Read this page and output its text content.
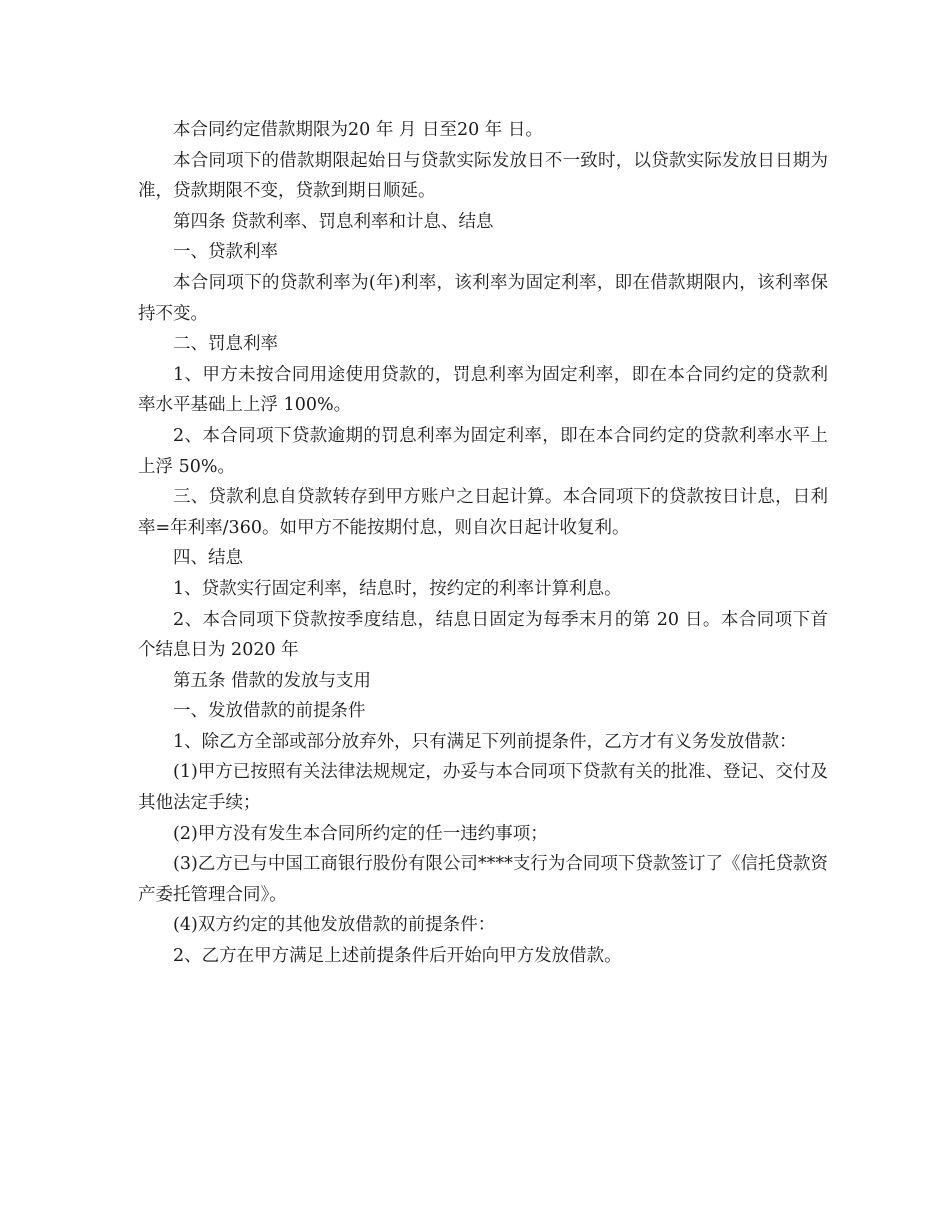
本合同约定借款期限为20 年 月 日至20 年 日。

本合同项下的借款期限起始日与贷款实际发放日不一致时，以贷款实际发放日日期为准，贷款期限不变，贷款到期日顺延。

第四条 贷款利率、罚息利率和计息、结息

一、贷款利率

本合同项下的贷款利率为(年)利率，该利率为固定利率，即在借款期限内，该利率保持不变。

二、罚息利率

1、甲方未按合同用途使用贷款的，罚息利率为固定利率，即在本合同约定的贷款利率水平基础上上浮 100%。

2、本合同项下贷款逾期的罚息利率为固定利率，即在本合同约定的贷款利率水平上上浮 50%。

三、贷款利息自贷款转存到甲方账户之日起计算。本合同项下的贷款按日计息，日利率=年利率/360。如甲方不能按期付息，则自次日起计收复利。

四、结息

1、贷款实行固定利率，结息时，按约定的利率计算利息。

2、本合同项下贷款按季度结息，结息日固定为每季末月的第 20 日。本合同项下首个结息日为 2020 年

第五条 借款的发放与支用

一、发放借款的前提条件

1、除乙方全部或部分放弃外，只有满足下列前提条件，乙方才有义务发放借款：

(1)甲方已按照有关法律法规规定，办妥与本合同项下贷款有关的批准、登记、交付及其他法定手续；

(2)甲方没有发生本合同所约定的任一违约事项；

(3)乙方已与中国工商银行股份有限公司****支行为合同项下贷款签订了《信托贷款资产委托管理合同》。

(4)双方约定的其他发放借款的前提条件：

2、乙方在甲方满足上述前提条件后开始向甲方发放借款。
